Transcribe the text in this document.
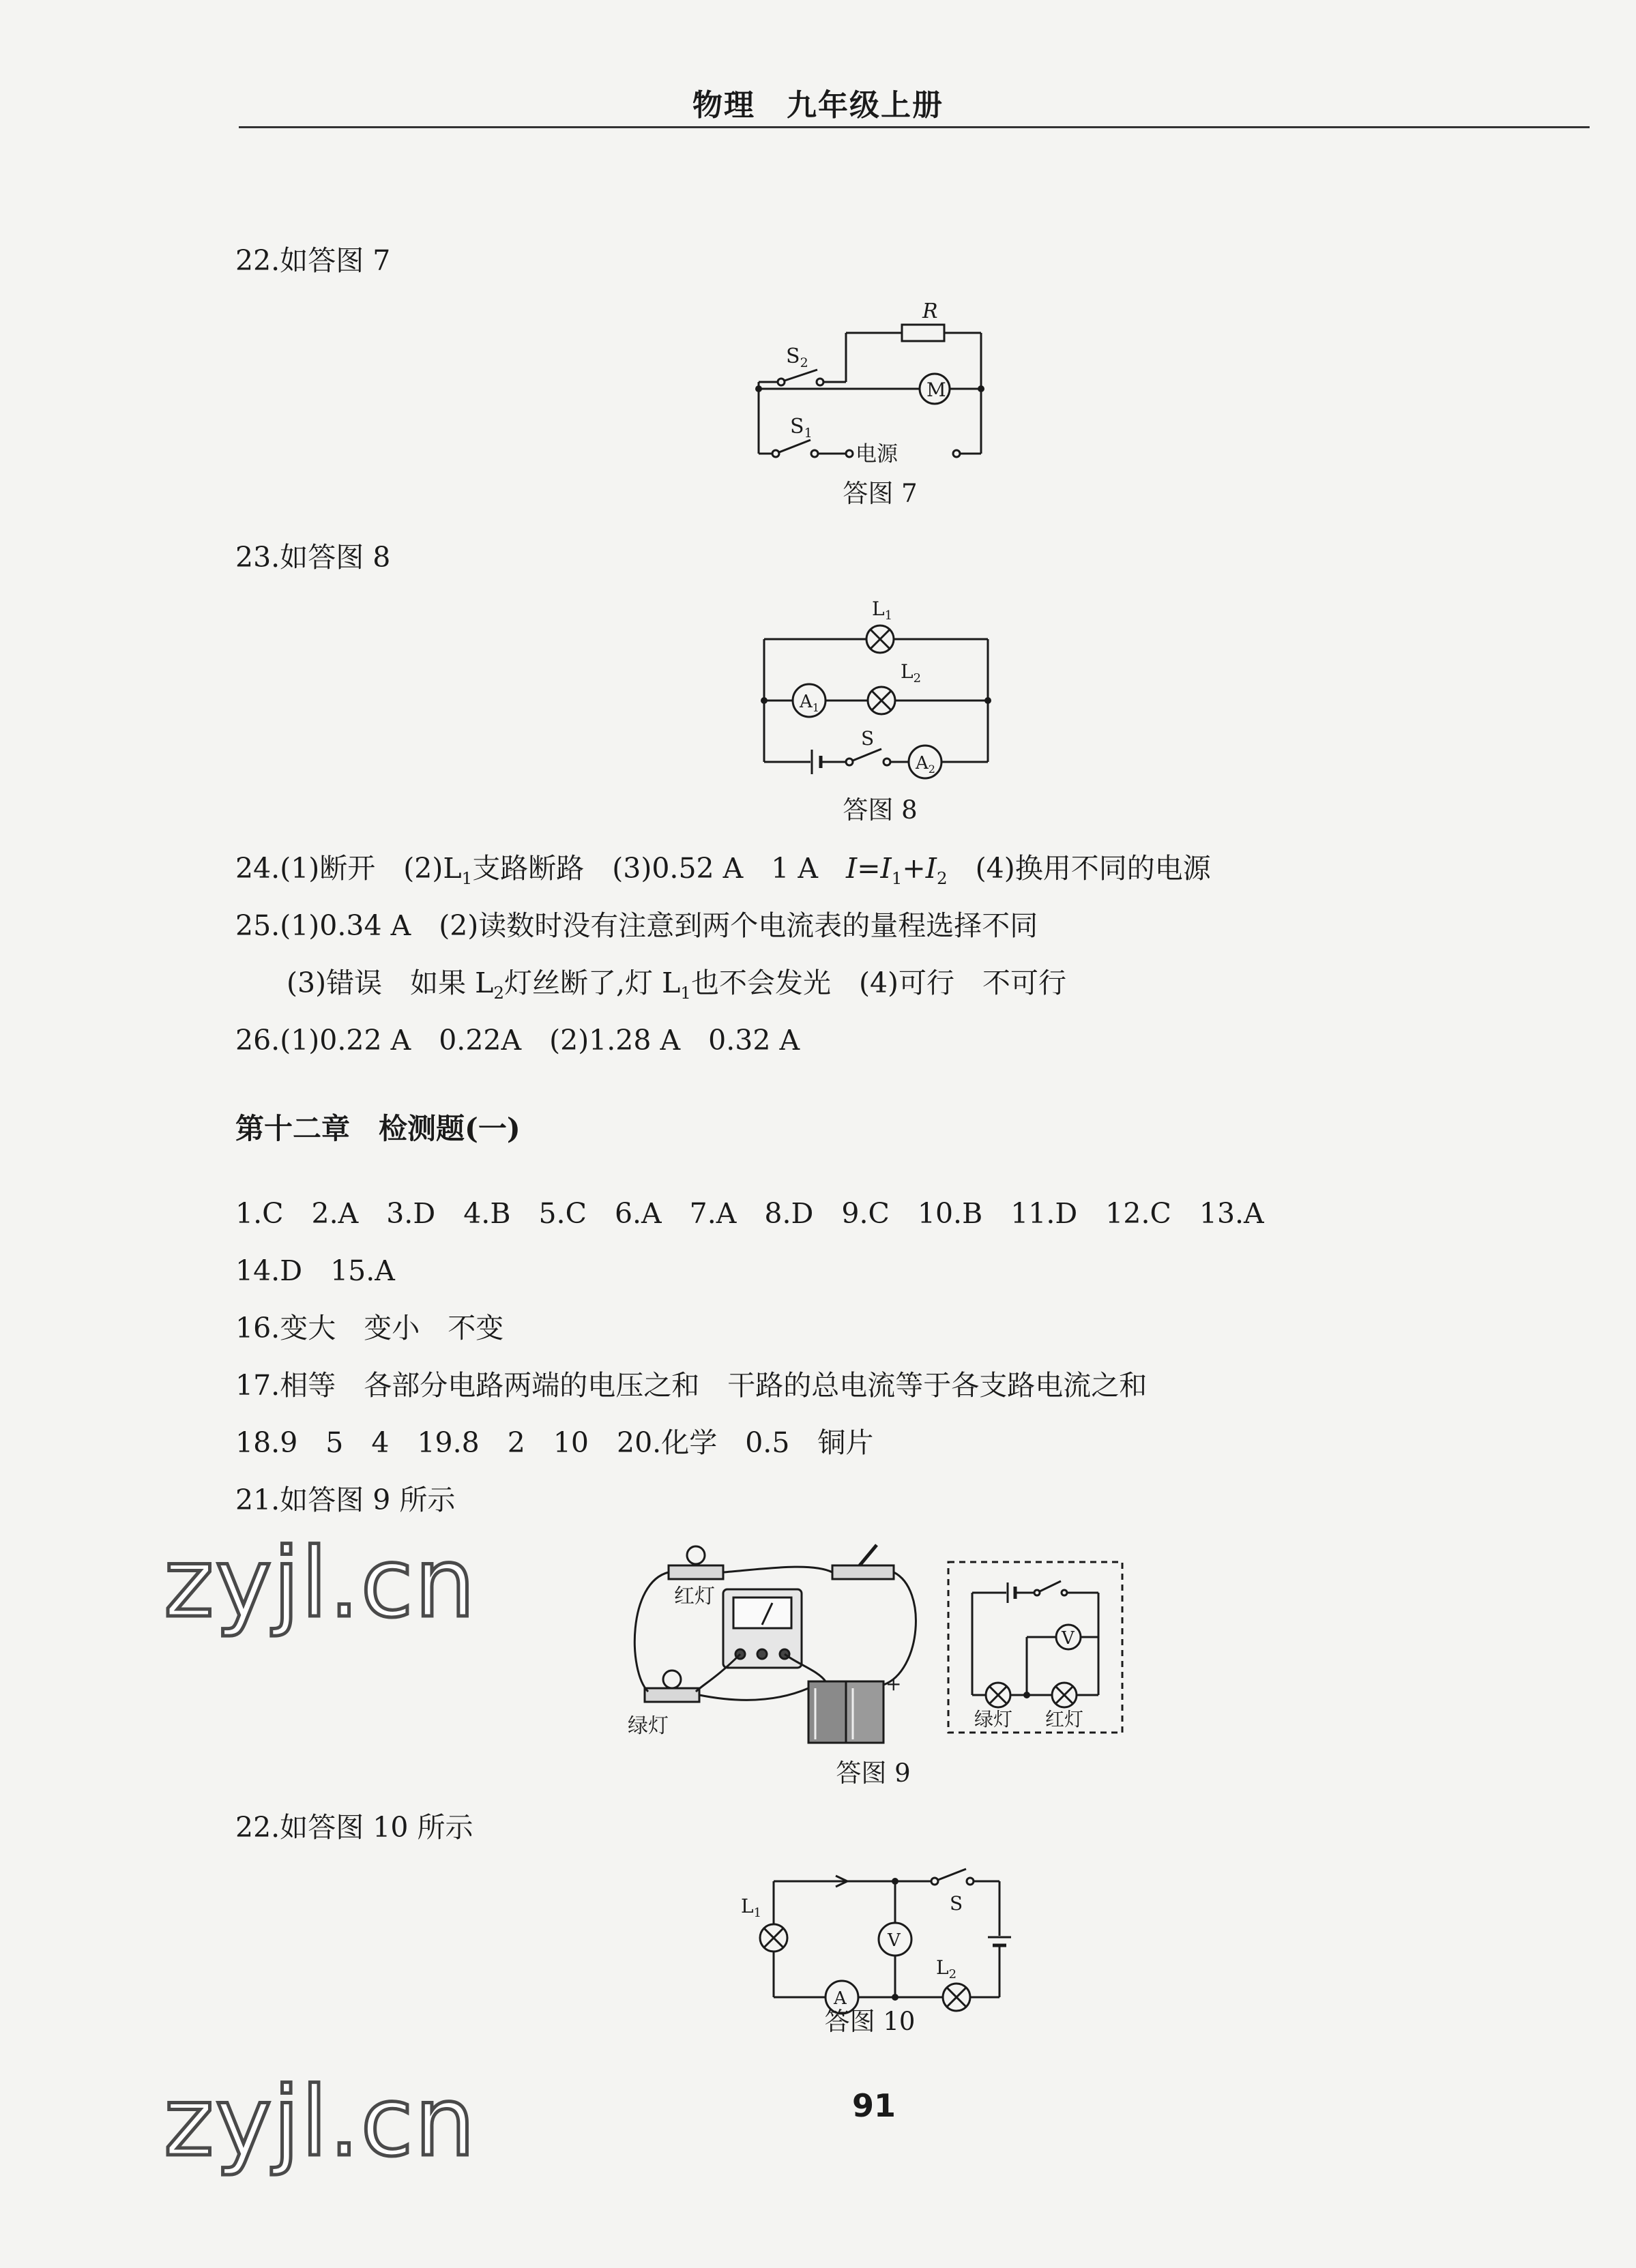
物理　九年级上册
22.如答图 7
$S_2$
R
M
$S_1$
电源
答图 7
23.如答图 8
$L_1$
$L_2$
$A_1$
S
$A_2$
答图 8
24.(1)断开　$(2)L_1$支路断路　(3)0.52 A　1 A　$I=I_1+I_2$　(4)换用不同的电源
25.(1)0.34 A　(2)读数时没有注意到两个电流表的量程选择不同
(3)错误　如果 $L_2$灯丝断了,灯 $L_1$也不会发光　(4)可行　不可行
26.(1)0.22 A　0.22A　(2)1.28 A　0.32 A
第十二章　检测题(一)
1.C　2.A　3.D　4.B　5.C　6.A　7.A　8.D　9.C　10.B　11.D　12.C　13.A
14.D　15.A
16.变大　变小　不变
17.相等　各部分电路两端的电压之和　干路的总电流等于各支路电流之和
18.9　5　4　19.8　2　10　20.化学　0.5　铜片
21.如答图 9 所示
+
红灯
绿灯
V
绿灯 红灯
答图 9
22.如答图 10 所示
$L_1$	S
V
A
$L_2$
答图 10
91
zyjl.cn
zyjl.cn
